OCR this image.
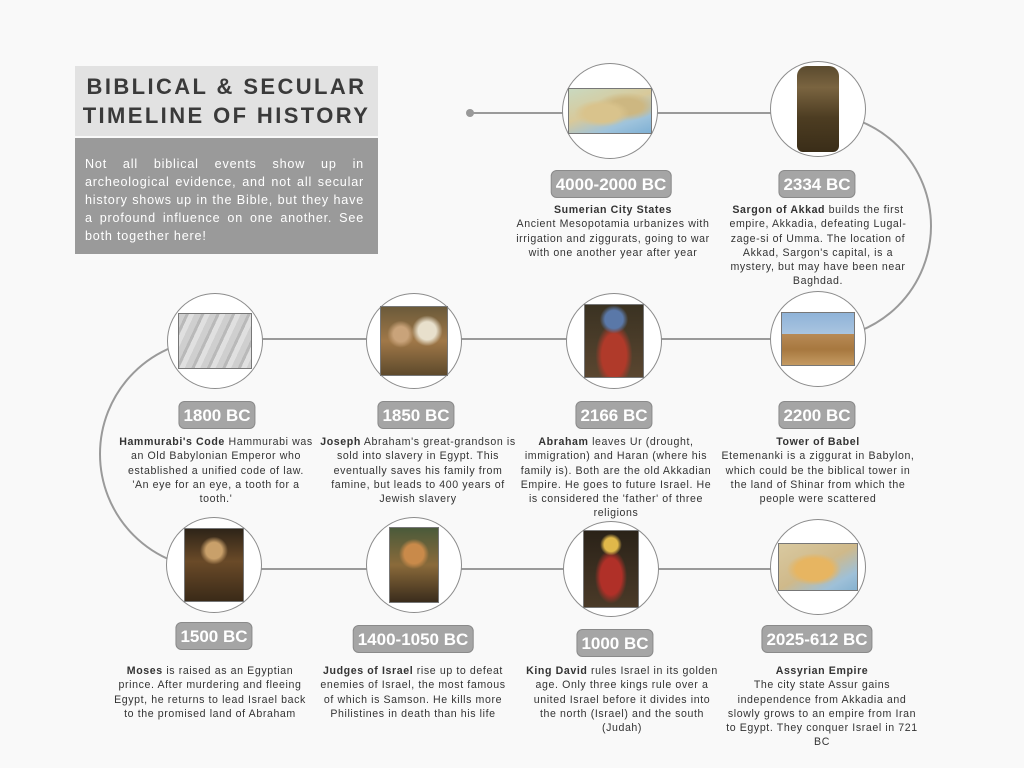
BIBLICAL & SECULAR TIMELINE OF HISTORY
Not all biblical events show up in archeological evidence, and not all secular history shows up in the Bible, but they have a profound influence on one another. See both together here!
4000-2000 BC
Sumerian City States
Ancient Mesopotamia urbanizes with irrigation and ziggurats, going to war with one another year after year
2334 BC
Sargon of Akkad builds the first empire, Akkadia, defeating Lugal-zage-si of Umma. The location of Akkad, Sargon's capital, is a mystery, but may have been near Baghdad.
1800 BC
Hammurabi's Code Hammurabi was an Old Babylonian Emperor who established a unified code of law. 'An eye for an eye, a tooth for a tooth.'
1850 BC
Joseph Abraham's great-grandson is sold into slavery in Egypt. This eventually saves his family from famine, but leads to 400 years of Jewish slavery
2166 BC
Abraham leaves Ur (drought, immigration) and Haran (where his family is). Both are the old Akkadian Empire. He goes to future Israel. He is considered the 'father' of three religions
2200 BC
Tower of Babel
Etemenanki is a ziggurat in Babylon, which could be the biblical tower in the land of Shinar from which the people were scattered
1500 BC
Moses is raised as an Egyptian prince. After murdering and fleeing Egypt, he returns to lead Israel back to the promised land of Abraham
1400-1050 BC
Judges of Israel rise up to defeat enemies of Israel, the most famous of which is Samson. He kills more Philistines in death than his life
1000 BC
King David rules Israel in its golden age. Only three kings rule over a united Israel before it divides into the north (Israel) and the south (Judah)
2025-612 BC
Assyrian Empire
The city state Assur gains independence from Akkadia and slowly grows to an empire from Iran to Egypt. They conquer Israel in 721 BC
